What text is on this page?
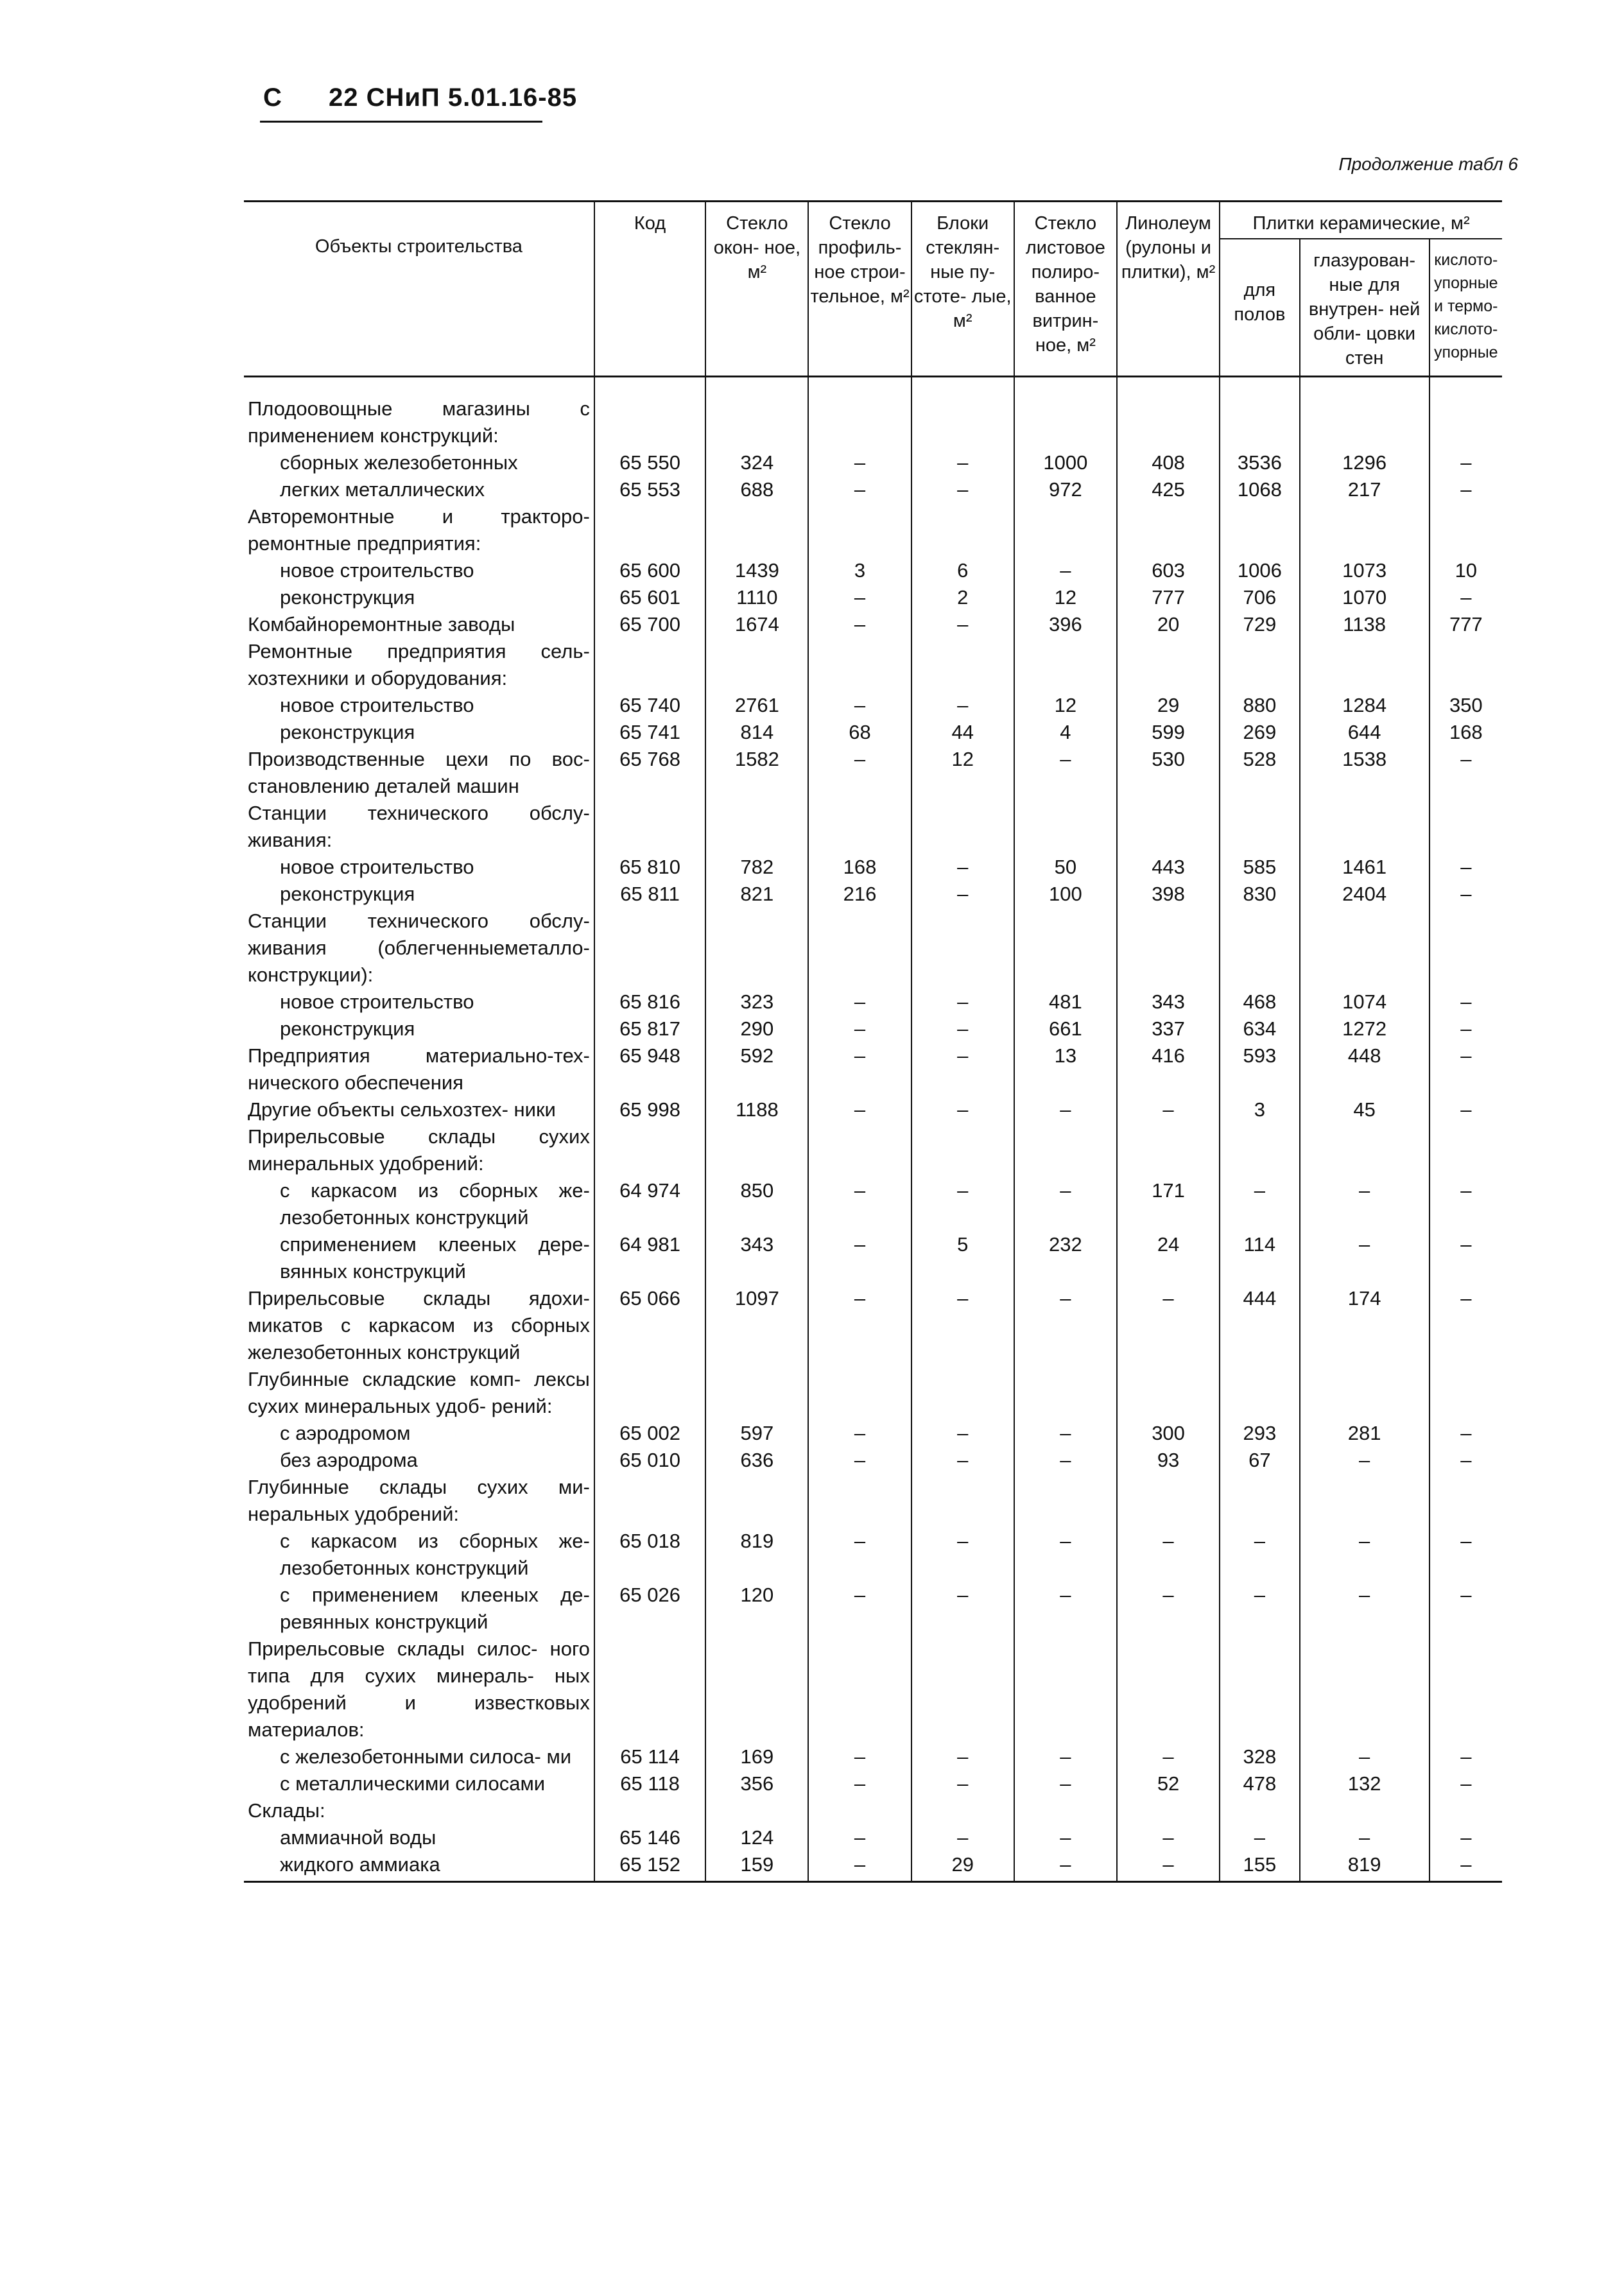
С 22 СНиП 5.01.16-85
Продолжение табл 6
Объекты строительства	Код	Стекло окон- ное, м²	Стекло профиль- ное строи- тельное, м²	Блоки стеклян- ные пу- стоте- лые, м²	Стекло листовое полиро- ванное витрин- ное, м²	Линолеум (рулоны и плитки), м²	Плитки керамические, м²		
							для полов	глазурован- ные для внутрен- ней обли- цовки стен	кислото- упорные и термо- кислото- упорные
Плодоовощные магазины с применением конструкций:									
сборных железобетонных	65 550	324	–	–	1000	408	3536	1296	–
легких металлических	65 553	688	–	–	972	425	1068	217	–
Авторемонтные и тракторо- ремонтные предприятия:									
новое строительство	65 600	1439	3	6	–	603	1006	1073	10
реконструкция	65 601	1110	–	2	12	777	706	1070	–
Комбайноремонтные заводы	65 700	1674	–	–	396	20	729	1138	777
Ремонтные предприятия сель- хозтехники и оборудования:									
новое строительство	65 740	2761	–	–	12	29	880	1284	350
реконструкция	65 741	814	68	44	4	599	269	644	168
Производственные цехи по вос- становлению деталей машин	65 768	1582	–	12	–	530	528	1538	–
Станции технического обслу- живания:									
новое строительство	65 810	782	168	–	50	443	585	1461	–
реконструкция	65 811	821	216	–	100	398	830	2404	–
Станции технического обслу- живания (облегченныеметалло- конструкции):									
новое строительство	65 816	323	–	–	481	343	468	1074	–
реконструкция	65 817	290	–	–	661	337	634	1272	–
Предприятия материально-тех- нического обеспечения	65 948	592	–	–	13	416	593	448	–
Другие объекты сельхозтех- ники	65 998	1188	–	–	–	–	3	45	–
Прирельсовые склады сухих минеральных удобрений:									
с каркасом из сборных же- лезобетонных конструкций	64 974	850	–	–	–	171	–	–	–
сприменением клееных дере- вянных конструкций	64 981	343	–	5	232	24	114	–	–
Прирельсовые склады ядохи- микатов с каркасом из сборных железобетонных конструкций	65 066	1097	–	–	–	–	444	174	–
Глубинные складские комп- лексы сухих минеральных удоб- рений:									
с аэродромом	65 002	597	–	–	–	300	293	281	–
без аэродрома	65 010	636	–	–	–	93	67	–	–
Глубинные склады сухих ми- неральных удобрений:									
с каркасом из сборных же- лезобетонных конструкций	65 018	819	–	–	–	–	–	–	–
с применением клееных де- ревянных конструкций	65 026	120	–	–	–	–	–	–	–
Прирельсовые склады силос- ного типа для сухих минераль- ных удобрений и известковых материалов:									
с железобетонными силоса- ми	65 114	169	–	–	–	–	328	–	–
с металлическими силосами	65 118	356	–	–	–	52	478	132	–
Склады:									
аммиачной воды	65 146	124	–	–	–	–	–	–	–
жидкого аммиака	65 152	159	–	29	–	–	155	819	–
